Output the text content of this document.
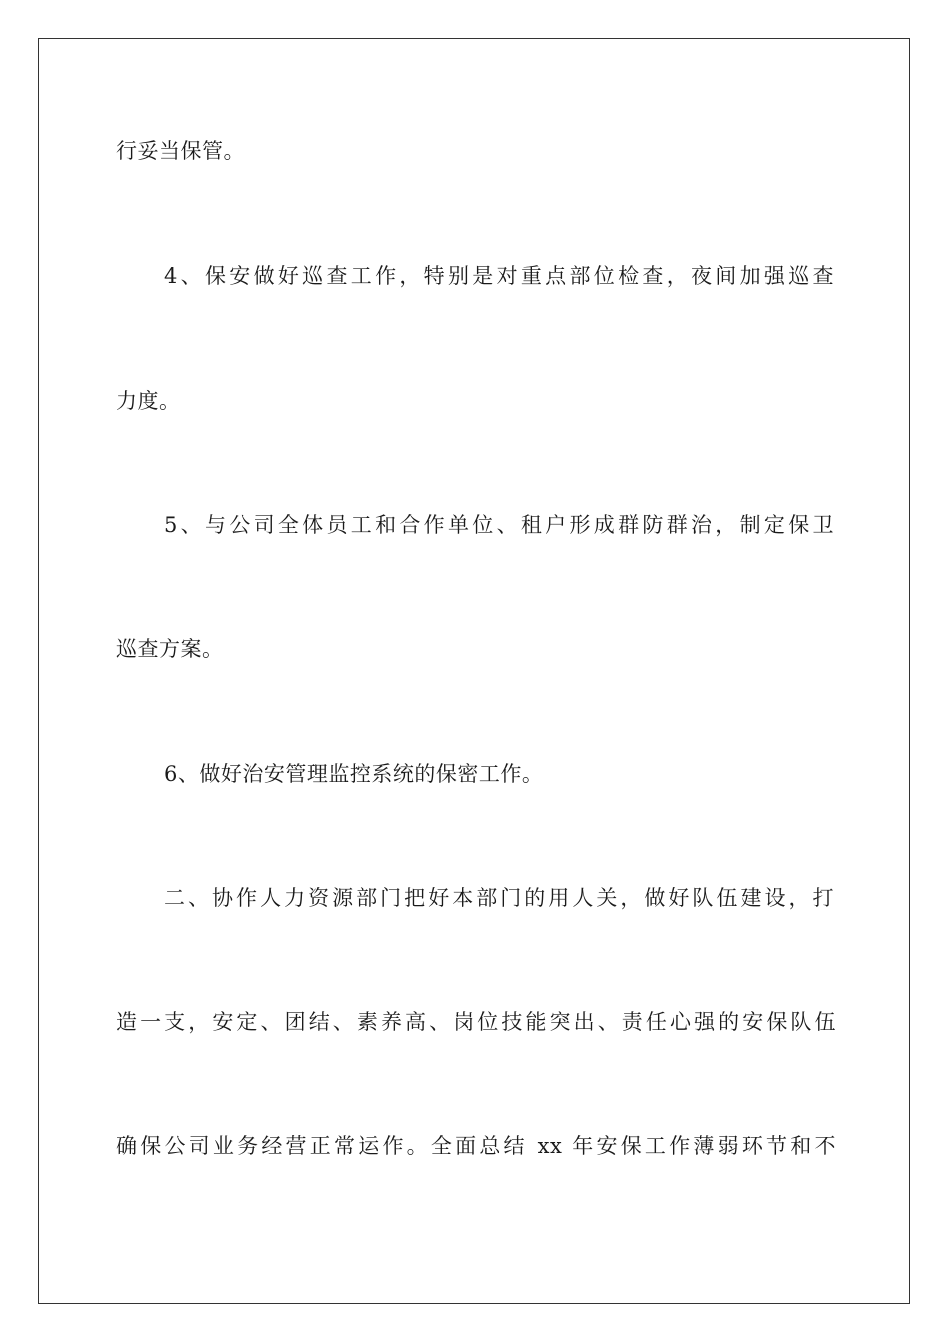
行妥当保管。
4、保安做好巡查工作，特别是对重点部位检查，夜间加强巡查
力度。
5、与公司全体员工和合作单位、租户形成群防群治，制定保卫
巡查方案。
6、做好治安管理监控系统的保密工作。
二、协作人力资源部门把好本部门的用人关，做好队伍建设，打
造一支，安定、团结、素养高、岗位技能突出、责任心强的安保队伍
确保公司业务经营正常运作。全面总结 xx 年安保工作薄弱环节和不
